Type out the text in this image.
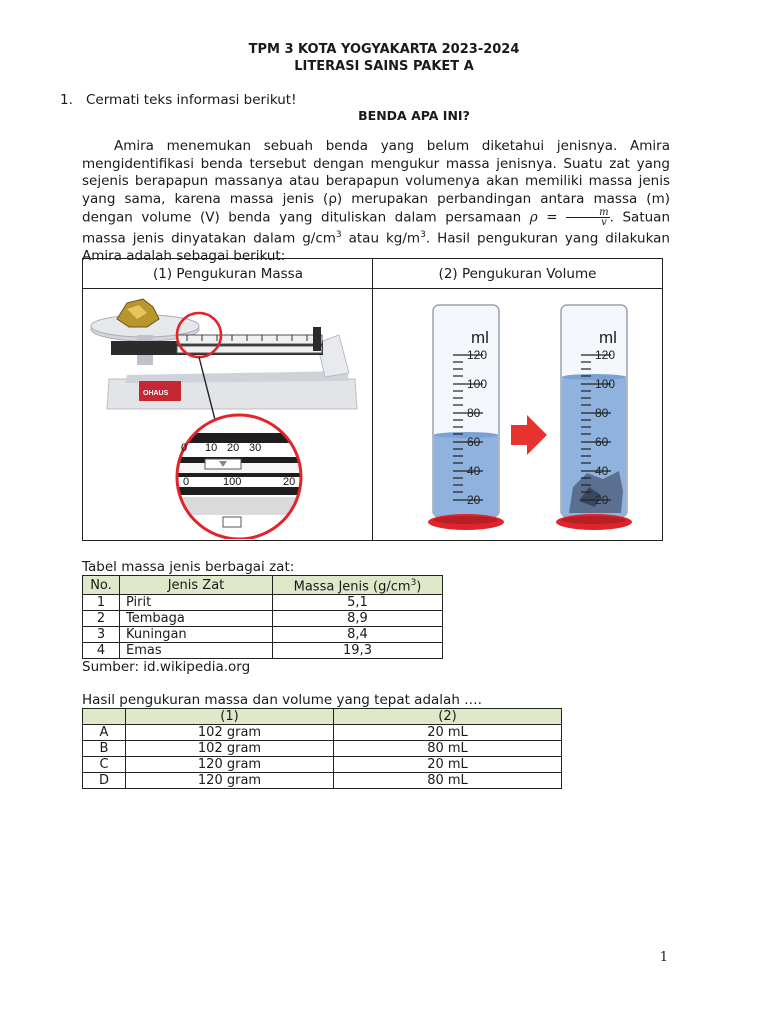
TPM 3 KOTA YOGYAKARTA 2023-2024
LITERASI SAINS PAKET A
1. Cermati teks informasi berikut!
BENDA APA INI?

Amira menemukan sebuah benda yang belum diketahui jenisnya. Amira mengidentifikasi benda tersebut dengan mengukur massa jenisnya. Suatu zat yang sejenis berapapun massanya atau berapapun volumenya akan memiliki massa jenis yang sama, karena massa jenis (ρ) merupakan perbandingan antara massa (m) dengan volume (V) benda yang dituliskan dalam persamaan $\rho = \frac{m}{v}$ . Satuan massa jenis dinyatakan dalam $g/cm^3$ atau $kg/m^3$. Hasil pengukuran yang dilakukan Amira adalah sebagai berikut:

(1) Pengukuran Massa	(2) Pengukuran Volume
OHAUS
0 10 20 30
0	100	20
ml
120
100
80
60
40
20
ml
120
100
80
60
40
20
Tabel massa jenis berbagai zat:
No.	Jenis Zat	Massa Jenis $(g/cm^3)$
1	Pirit	5,1
2	Tembaga	8,9
3	Kuningan	8,4
4	Emas	19,3
Sumber: id.wikipedia.org
Hasil pengukuran massa dan volume yang tepat adalah ….
	(1)	(2)
A	102 gram	20 mL
B	102 gram	80 mL
C	120 gram	20 mL
D	120 gram	80 mL
1
